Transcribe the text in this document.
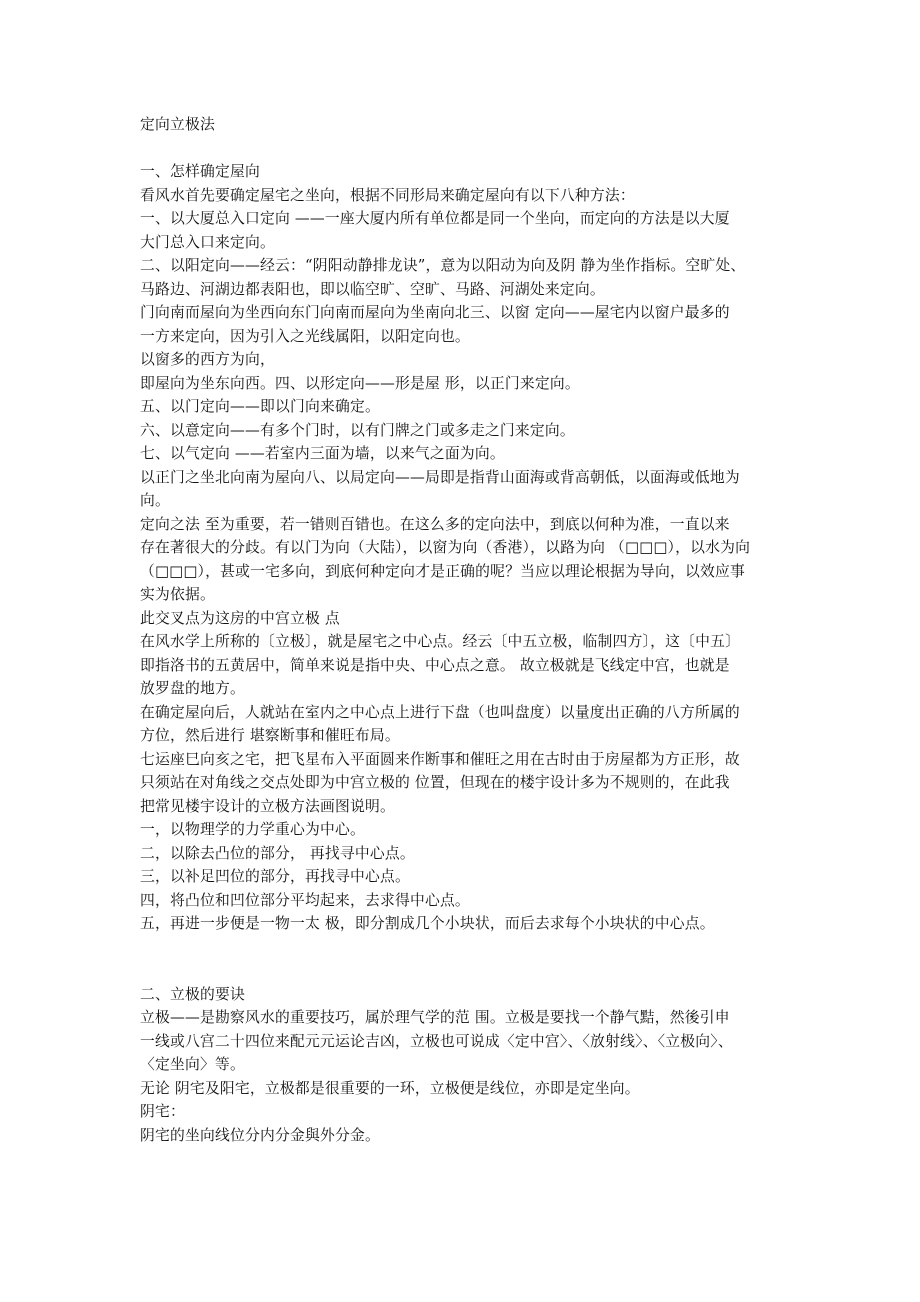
定向立极法
一、怎样确定屋向
看风水首先要确定屋宅之坐向，根据不同形局来确定屋向有以下八种方法：
一、以大厦总入口定向 ——一座大厦内所有单位都是同一个坐向，而定向的方法是以大厦
大门总入口来定向。
二、以阳定向——经云：“阴阳动静排龙诀”，意为以阳动为向及阴 静为坐作指标。空旷处、
马路边、河湖边都表阳也，即以临空旷、空旷、马路、河湖处来定向。
门向南而屋向为坐西向东门向南而屋向为坐南向北三、以窗 定向——屋宅内以窗户最多的
一方来定向，因为引入之光线属阳，以阳定向也。
以窗多的西方为向，
即屋向为坐东向西。四、以形定向——形是屋 形，以正门来定向。
五、以门定向——即以门向来确定。
六、以意定向——有多个门时，以有门牌之门或多走之门来定向。
七、以气定向 ——若室内三面为墙，以来气之面为向。
以正门之坐北向南为屋向八、以局定向——局即是指背山面海或背高朝低，以面海或低地为
向。
定向之法 至为重要，若一错则百错也。在这么多的定向法中，到底以何种为准，一直以来
存在著很大的分歧。有以门为向（大陆），以窗为向（香港），以路为向 （□□□），以水为向
（□□□），甚或一宅多向，到底何种定向才是正确的呢？当应以理论根据为导向，以效应事
实为依据。
此交叉点为这房的中宫立极 点
在风水学上所称的〔立极〕，就是屋宅之中心点。经云〔中五立极，临制四方〕，这〔中五〕
即指洛书的五黄居中，简单来说是指中央、中心点之意。 故立极就是飞线定中宫，也就是
放罗盘的地方。
在确定屋向后，人就站在室内之中心点上进行下盘（也叫盘度）以量度出正确的八方所属的
方位，然后进行 堪察断事和催旺布局。
七运座巳向亥之宅，把飞星布入平面圆来作断事和催旺之用在古时由于房屋都为方正形，故
只须站在对角线之交点处即为中宫立极的 位置，但现在的楼宇设计多为不规则的，在此我
把常见楼宇设计的立极方法画图说明。
一，以物理学的力学重心为中心。
二，以除去凸位的部分， 再找寻中心点。
三，以补足凹位的部分，再找寻中心点。
四，将凸位和凹位部分平均起来，去求得中心点。
五，再进一步便是一物一太 极，即分割成几个小块状，而后去求每个小块状的中心点。
二、立极的要诀
立极——是勘察风水的重要技巧，属於理气学的范 围。立极是要找一个静气黠，然後引申
一线或八宫二十四位来配元元运论吉凶，立极也可说成〈定中宫〉、〈放射线〉、〈立极向〉、
〈定坐向〉等。
无论 阴宅及阳宅，立极都是很重要的一环，立极便是线位，亦即是定坐向。
阴宅：
阴宅的坐向线位分内分金與外分金。
